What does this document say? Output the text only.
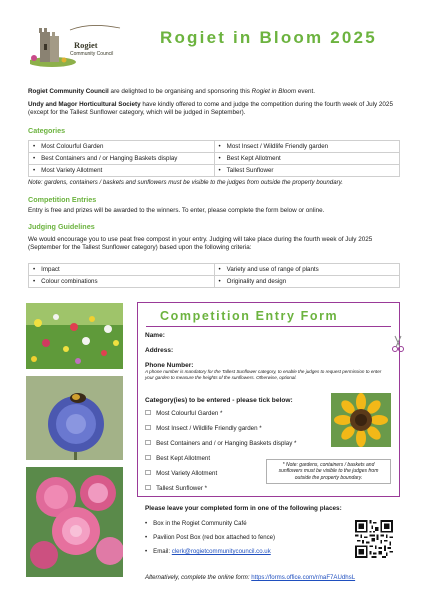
Rogiet
Community Council
Rogiet in Bloom 2025

Rogiet Community Council are delighted to be organising and sponsoring this Rogiet in Bloom event.

Undy and Magor Horticultural Society have kindly offered to come and judge the competition during the fourth week of July 2025 (except for the Tallest Sunflower category, which will be judged in September).

Categories
• Most Colourful Garden	• Most Insect / Wildlife Friendly garden
• Best Containers and / or Hanging Baskets display	• Best Kept Allotment
• Most Variety Allotment	• Tallest Sunflower
Note: gardens, containers / baskets and sunflowers must be visible to the judges from outside the property boundary.
Competition Entries
Entry is free and prizes will be awarded to the winners. To enter, please complete the form below or online.
Judging Guidelines
We would encourage you to use peat free compost in your entry. Judging will take place during the fourth week of July 2025 (September for the Tallest Sunflower category) based upon the following criteria:
• Impact	• Variety and use of range of plants
• Colour combinations	• Originality and design
Competition Entry Form
Name:
Address:
Phone Number:
A phone number is mandatory for the Tallest Sunflower category, to enable the judges to request permission to enter your garden to measure the heights of the sunflowers. Otherwise, optional.
Category(ies) to be entered - please tick below:
☐ Most Colourful Garden *
☐ Most Insect / Wildlife Friendly garden *
☐ Best Containers and / or Hanging Baskets display *
☐ Best Kept Allotment
☐ Most Variety Allotment
☐ Tallest Sunflower *
* Note: gardens, containers / baskets and sunflowers must be visible to the judges from outside the property boundary.
Please leave your completed form in one of the following places:
• Box in the Rogiet Community Café
• Pavilion Post Box (red box attached to fence)
• Email: clerk@rogietcommunitycouncil.co.uk
Alternatively, complete the online form: https://forms.office.com/r/naF7AUdhsL
